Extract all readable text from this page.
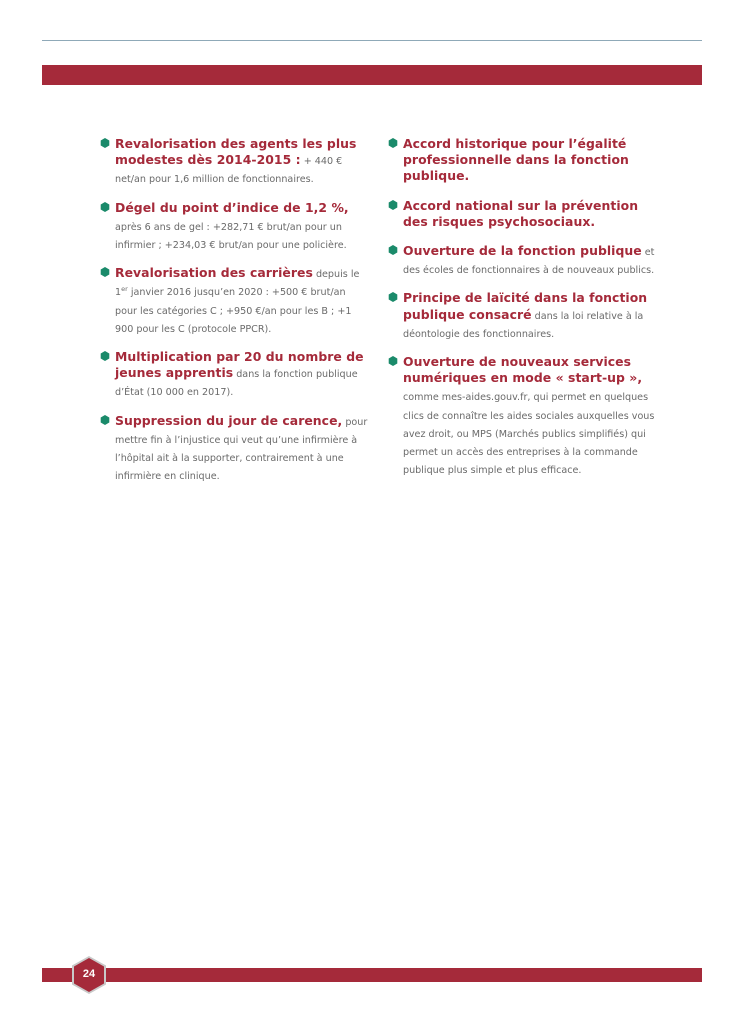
Revalorisation des agents les plus modestes dès 2014-2015 : + 440 € net/an pour 1,6 million de fonctionnaires.
Dégel du point d’indice de 1,2 %, après 6 ans de gel : +282,71 € brut/an pour un infirmier ; +234,03 € brut/an pour une policière.
Revalorisation des carrières depuis le 1er janvier 2016 jusqu’en 2020 : +500 € brut/an pour les catégories C ; +950 €/an pour les B ; +1 900 pour les C (protocole PPCR).
Multiplication par 20 du nombre de jeunes apprentis dans la fonction publique d’État (10 000 en 2017).
Suppression du jour de carence, pour mettre fin à l’injustice qui veut qu’une infirmière à l’hôpital ait à la supporter, contrairement à une infirmière en clinique.
Accord historique pour l’égalité professionnelle dans la fonction publique.
Accord national sur la prévention des risques psychosociaux.
Ouverture de la fonction publique et des écoles de fonctionnaires à de nouveaux publics.
Principe de laïcité dans la fonction publique consacré dans la loi relative à la déontologie des fonctionnaires.
Ouverture de nouveaux services numériques en mode « start-up », comme mes-aides.gouv.fr, qui permet en quelques clics de connaître les aides sociales auxquelles vous avez droit, ou MPS (Marchés publics simplifiés) qui permet un accès des entreprises à la commande publique plus simple et plus efficace.
24
